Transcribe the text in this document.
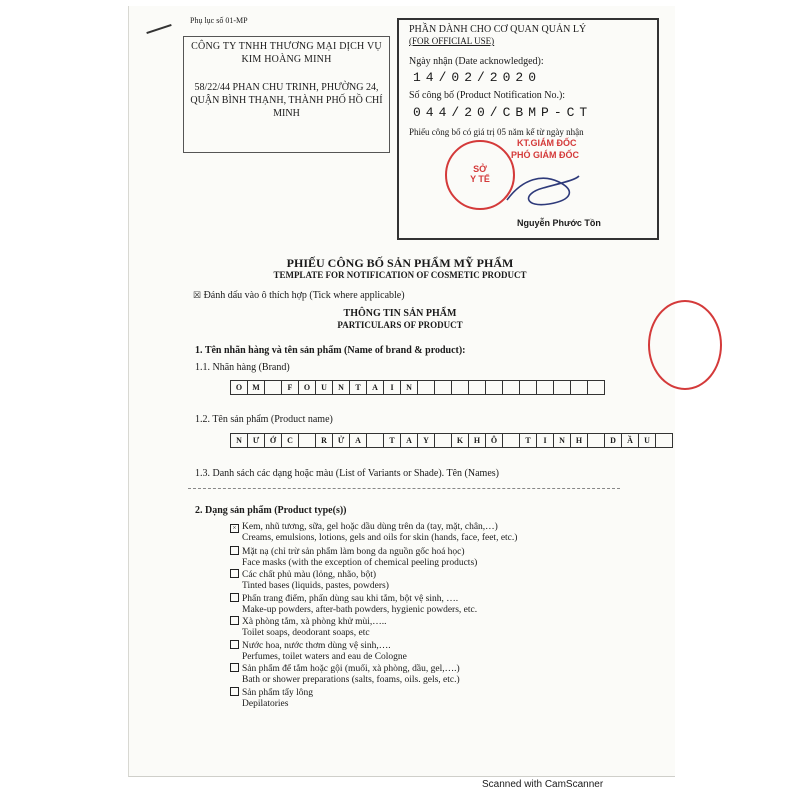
Phụ lục số 01-MP
CÔNG TY TNHH THƯƠNG MẠI DỊCH VỤ KIM HOÀNG MINH
58/22/44 PHAN CHU TRINH, PHƯỜNG 24, QUẬN BÌNH THẠNH, THÀNH PHỐ HỒ CHÍ MINH
PHẦN DÀNH CHO CƠ QUAN QUẢN LÝ
(FOR OFFICIAL USE)
Ngày nhận (Date acknowledged):
14/02/2020
Số công bố (Product Notification No.):
044/20/CBMP-CT
Phiếu công bố có giá trị 05 năm kể từ ngày nhận
KT.GIÁM ĐỐC
PHÓ GIÁM ĐỐC
SỞ
Y TẾ
Nguyễn Phước Tồn
PHIẾU CÔNG BỐ SẢN PHẨM MỸ PHẨM
TEMPLATE FOR NOTIFICATION OF COSMETIC PRODUCT
☒ Đánh dấu vào ô thích hợp (Tick where applicable)
THÔNG TIN SẢN PHẨM
PARTICULARS OF PRODUCT
1. Tên nhãn hàng và tên sản phẩm (Name of brand & product):
1.1. Nhãn hàng (Brand)
O	M	F	O	U	N	T	A	I	N
1.2. Tên sản phẩm (Product name)
N	Ư	Ớ	C	R	Ử	A	T	A	Y	K	H	Ô	T	I	N	H	D	Ầ	U
1.3. Danh sách các dạng hoặc màu (List of Variants or Shade). Tên (Names)
2. Dạng sản phẩm (Product type(s))
× Kem, nhũ tương, sữa, gel hoặc dầu dùng trên da (tay, mặt, chân,…)
Creams, emulsions, lotions, gels and oils for skin (hands, face, feet, etc.)
Mặt nạ (chỉ trừ sản phẩm làm bong da nguồn gốc hoá học)
Face masks (with the exception of chemical peeling products)
Các chất phủ màu (lỏng, nhão, bột)
Tinted bases (liquids, pastes, powders)
Phấn trang điểm, phấn dùng sau khi tắm, bột vệ sinh, ….
Make-up powders, after-bath powders, hygienic powders, etc.
Xà phòng tắm, xà phòng khử mùi,…..
Toilet soaps, deodorant soaps, etc
Nước hoa, nước thơm dùng vệ sinh,….
Perfumes, toilet waters and eau de Cologne
Sản phẩm để tắm hoặc gội (muối, xà phòng, dầu, gel,….)
Bath or shower preparations (salts, foams, oils. gels, etc.)
Sản phẩm tẩy lông
Depilatories
Scanned with CamScanner
